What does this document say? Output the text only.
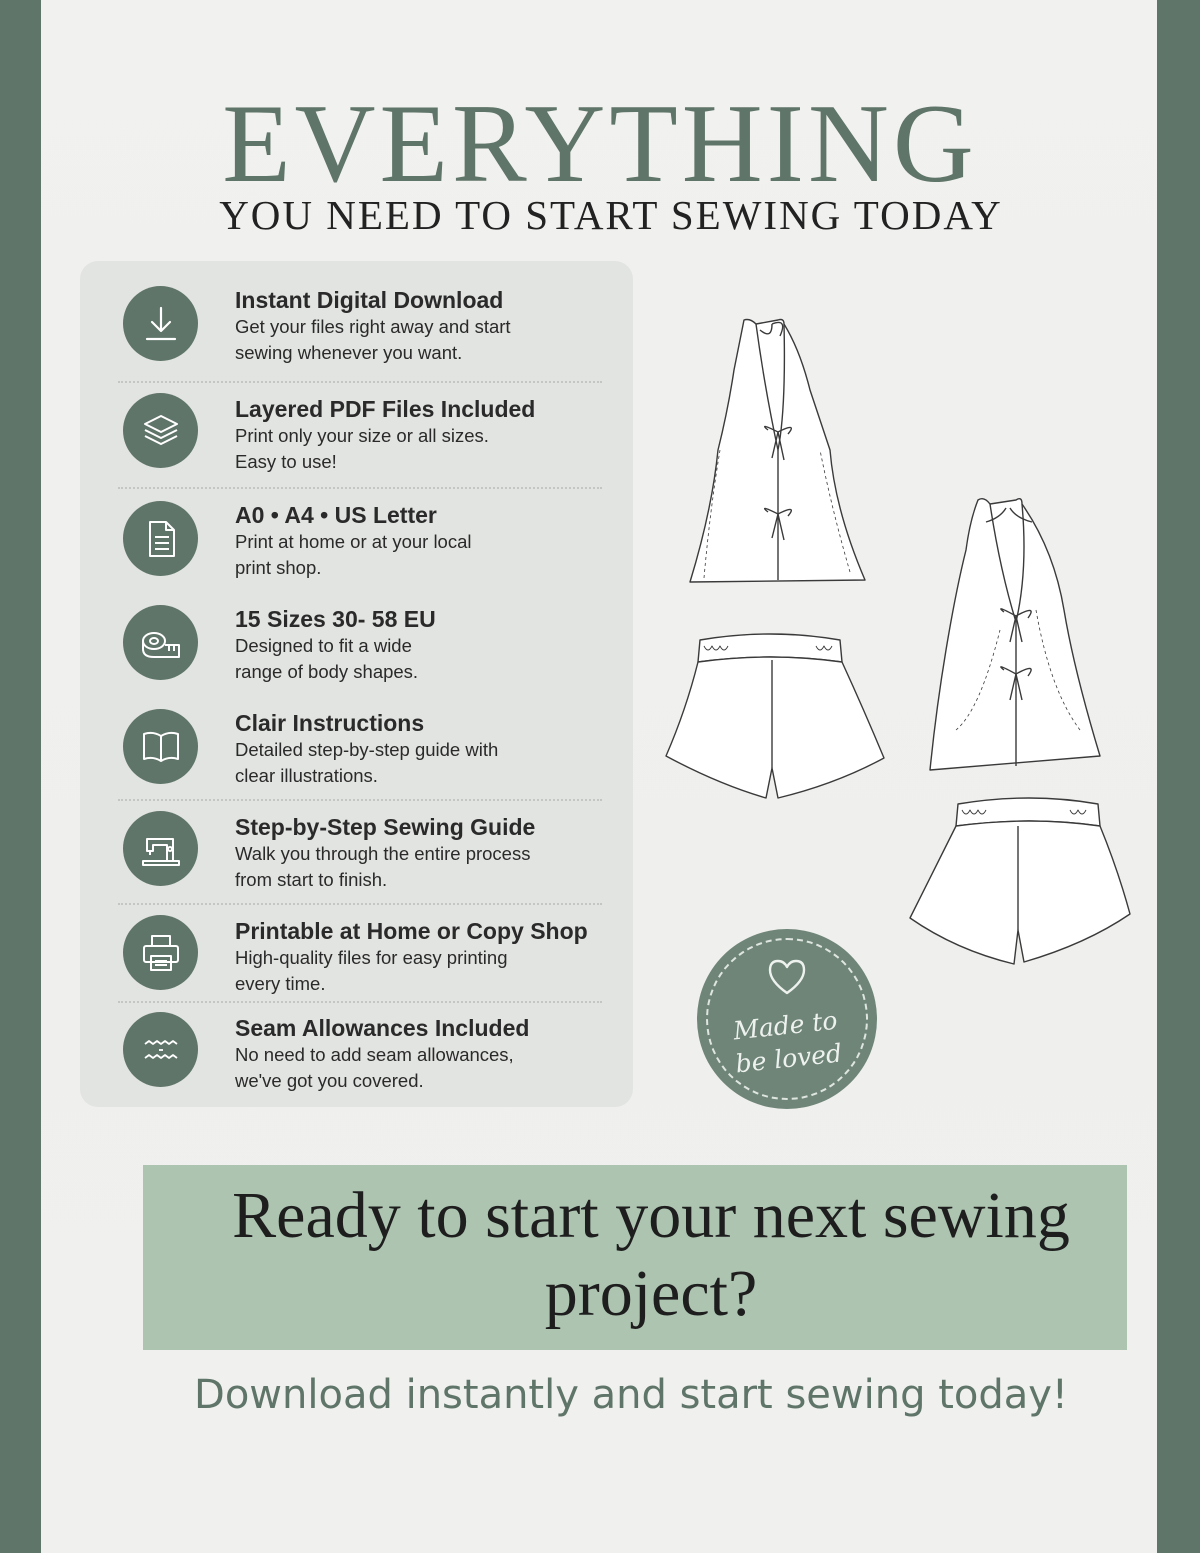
EVERYTHING
YOU NEED TO START SEWING TODAY
Instant Digital Download
Get your files right away and start
sewing whenever you want.
Layered PDF Files Included
Print only your size or all sizes.
Easy to use!
A0 • A4 • US Letter
Print at home or at your local
print shop.
15 Sizes 30- 58 EU
Designed to fit a wide
range of body shapes.
Clair Instructions
Detailed step-by-step guide with
clear illustrations.
Step-by-Step Sewing Guide
Walk you through the entire process
from start to finish.
Printable at Home or Copy Shop
High-quality files for easy printing
every time.
Seam Allowances Included
No need to add seam allowances,
we've got you covered.
Made to
be loved
Ready to start your next sewing
project?
Download instantly and start sewing today!
